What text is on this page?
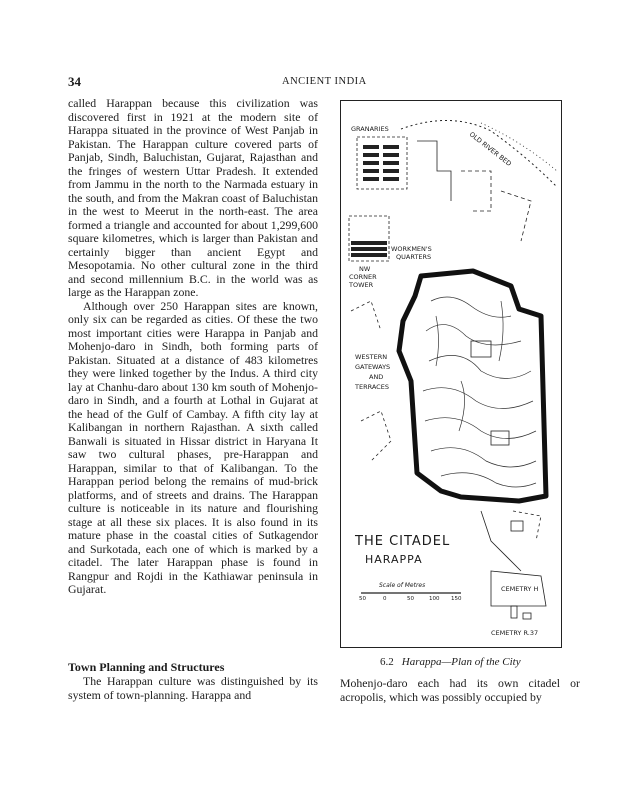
34	ANCIENT INDIA

called Harappan because this civilization was discovered first in 1921 at the modern site of Harappa situated in the province of West Panjab in Pakistan. The Harappan culture covered parts of Panjab, Sindh, Baluchistan, Gujarat, Rajasthan and the fringes of western Uttar Pradesh. It extended from Jammu in the north to the Narmada estuary in the south, and from the Makran coast of Baluchistan in the west to Meerut in the north-east. The area formed a triangle and accounted for about 1,299,600 square kilometres, which is larger than Pakistan and certainly bigger than ancient Egypt and Mesopotamia. No other cultural zone in the third and second millennium B.C. in the world was as large as the Harappan zone.

Although over 250 Harappan sites are known, only six can be regarded as cities. Of these the two most important cities were Harappa in Panjab and Mohenjo-daro in Sindh, both forming parts of Pakistan. Situated at a distance of 483 kilometres they were linked together by the Indus. A third city lay at Chanhu-daro about 130 km south of Mohenjo-daro in Sindh, and a fourth at Lothal in Gujarat at the head of the Gulf of Cambay. A fifth city lay at Kalibangan in northern Rajasthan. A sixth called Banwali is situated in Hissar district in Haryana It saw two cultural phases, pre-Harappan and Harappan, similar to that of Kalibangan. To the Harappan period belong the remains of mud-brick platforms, and of streets and drains. The Harappan culture is noticeable in its nature and flourishing stage at all these six places. It is also found in its mature phase in the coastal cities of Sutkagendor and Surkotada, each one of which is marked by a citadel. The later Harappan phase is found in Rangpur and Rojdi in the Kathiawar peninsula in Gujarat.

Town Planning and Structures

The Harappan culture was distinguished by its system of town-planning. Harappa and

Mohenjo-daro each had its own citadel or acropolis, which was possibly occupied by
OLD RIVER BED
GRANARIES
WORKMEN'S
QUARTERS
NW
CORNER
TOWER
WESTERN
GATEWAYS
AND
TERRACES
THE CITADEL
HARAPPA
Scale of Metres
50	0	50	100 150
CEMETRY H
CEMETRY R.37
6.2 Harappa—Plan of the City
